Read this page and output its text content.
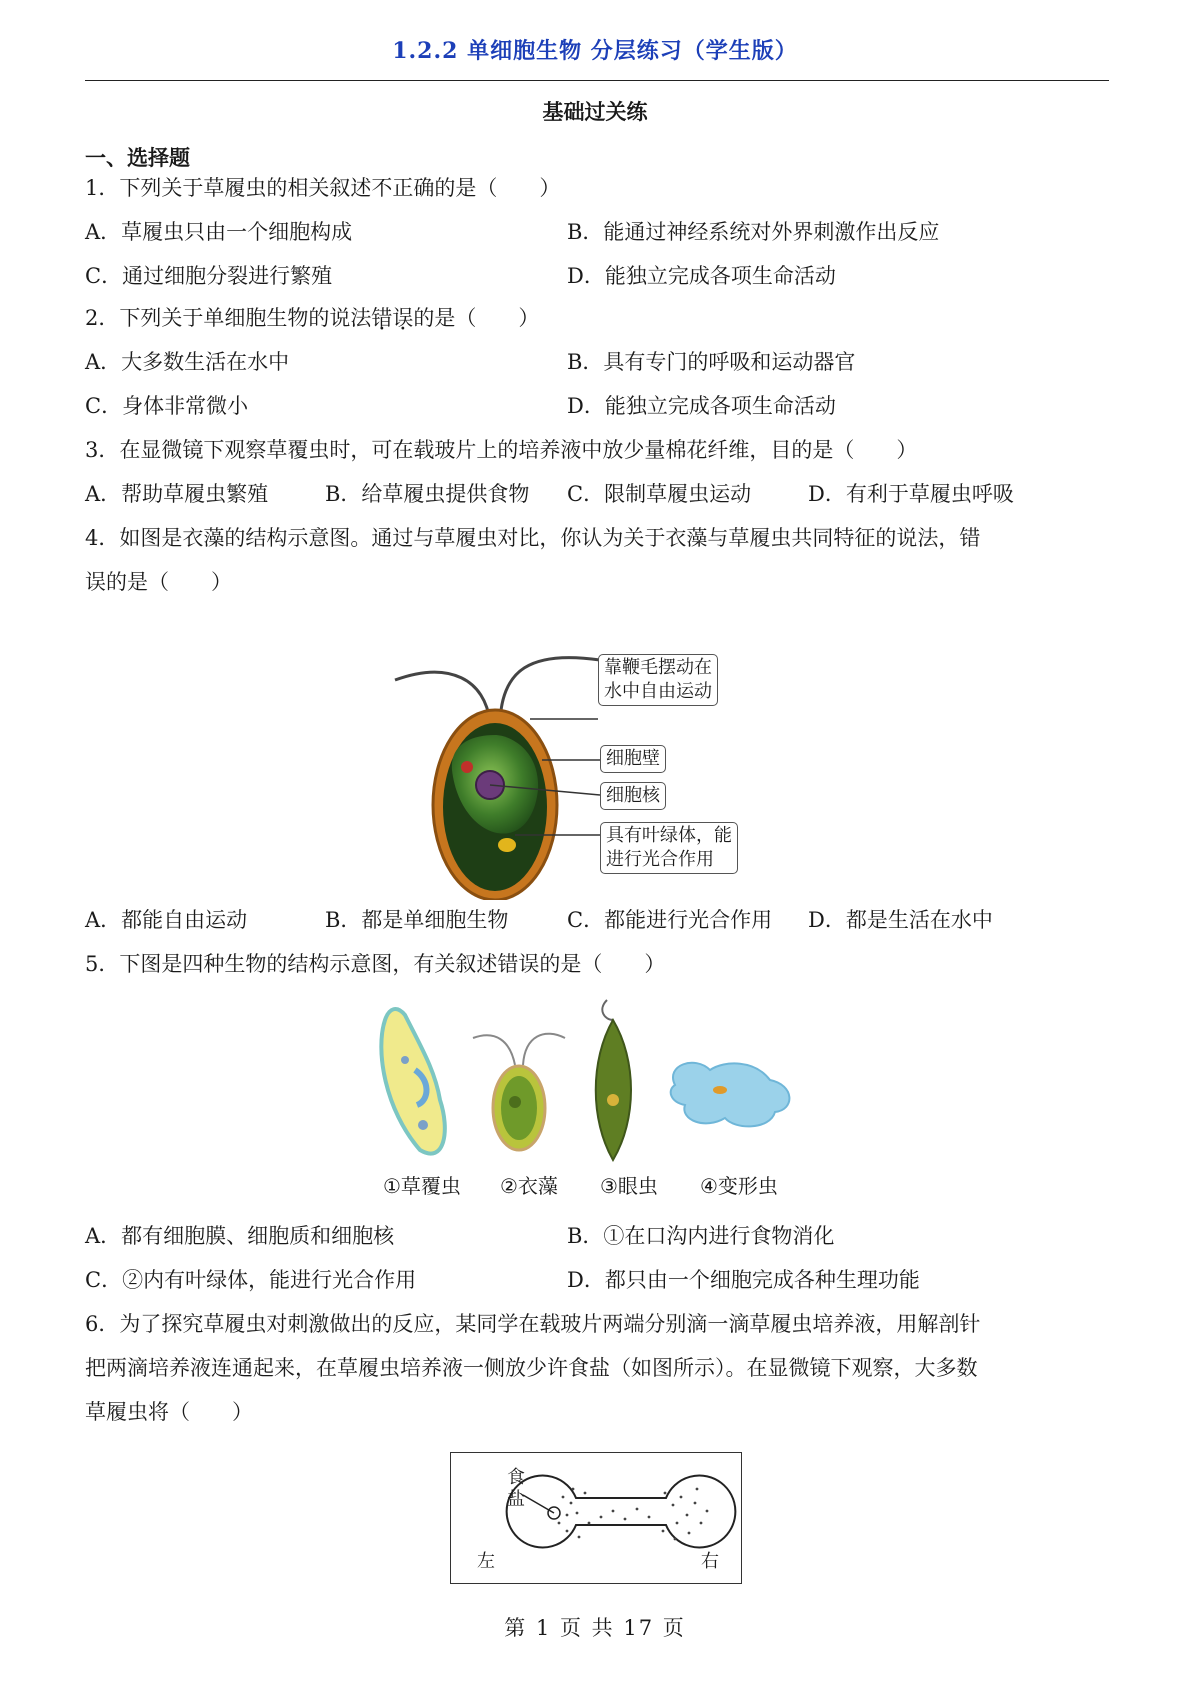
1.2.2 单细胞生物 分层练习（学生版）
基础过关练
一、选择题
1．下列关于草履虫的相关叙述不正确的是（　　）
A．草履虫只由一个细胞构成	B．能通过神经系统对外界刺激作出反应
C．通过细胞分裂进行繁殖	D．能独立完成各项生命活动
2．下列关于单细胞生物的说法错误的是（　　）
A．大多数生活在水中	B．具有专门的呼吸和运动器官
C．身体非常微小	D．能独立完成各项生命活动
3．在显微镜下观察草覆虫时，可在载玻片上的培养液中放少量棉花纤维，目的是（　　）
A．帮助草履虫繁殖	B．给草履虫提供食物 C．限制草履虫运动	D．有利于草履虫呼吸
4．如图是衣藻的结构示意图。通过与草履虫对比，你认为关于衣藻与草履虫共同特征的说法，错
误的是（　　）
靠鞭毛摆动在
水中自由运动
细胞壁
细胞核
具有叶绿体，能
进行光合作用
A．都能自由运动	B．都是单细胞生物	C．都能进行光合作用 D．都是生活在水中
5．下图是四种生物的结构示意图，有关叙述错误的是（　　）
①草覆虫 ②衣藻 ③眼虫 ④变形虫
A．都有细胞膜、细胞质和细胞核	B．①在口沟内进行食物消化
C．②内有叶绿体，能进行光合作用	D．都只由一个细胞完成各种生理功能
6．为了探究草履虫对刺激做出的反应，某同学在载玻片两端分别滴一滴草履虫培养液，用解剖针
把两滴培养液连通起来，在草履虫培养液一侧放少许食盐（如图所示）。在显微镜下观察，大多数
草履虫将（　　）
食
盐
左	右
第 1 页 共 17 页
